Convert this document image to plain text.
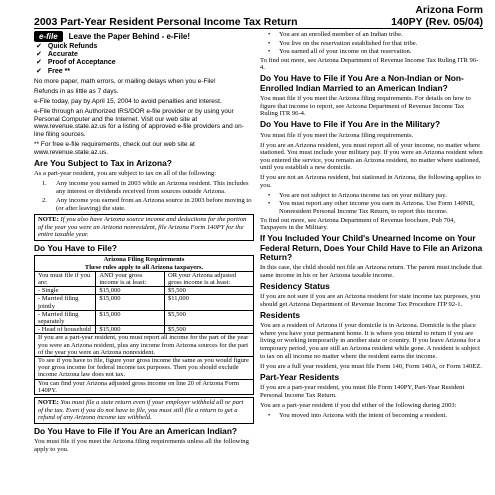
Arizona Form
140PY (Rev. 05/04)
2003 Part-Year Resident Personal Income Tax Return
e-file	Leave the Paper Behind - e-File!
✔ Quick Refunds
✔ Accurate
✔ Proof of Acceptance
✔ Free **

No more paper, math errors, or mailing delays when you e-File!

Refunds in as little as 7 days.

e-File today, pay by April 15, 2004 to avoid penalties and interest.

e-File through an Authorized IRS/DOR e-file provider or by using your Personal Computer and the Internet. Visit our web site at www.revenue.state.az.us for a listing of approved e-file providers and on-line filing sources.

** For free e-file requirements, check out our web site at www.revenue.state.az.us.

Are You Subject to Tax in Arizona?

As a part-year resident, you are subject to tax on all of the following:

1.	Any income you earned in 2003 while an Arizona resident. This includes any interest or dividends received from sources outside Arizona.
2.	Any income you earned from an Arizona source in 2003 before moving to (or after leaving) the state.
NOTE: If you also have Arizona source income and deductions for the portion of the year you were an Arizona nonresident, file Arizona Form 140PY for the entire taxable year.
Do You Have to File?
Arizona Filing Requirements
These rules apply to all Arizona taxpayers.		

You must file if you are:	AND your gross income is at least:	OR your Arizona adjusted gross income is at least:
- Single	$15,000	$5,500
- Married filing jointly	$15,000	$11,000
- Married filing separately	$15,000	$5,500
- Head of household	$15,000	$5,500
If you are a part-year resident, you must report all income for the part of the year you were an Arizona resident, plus any income from Arizona sources for the part of the year you were an Arizona nonresident.		
To see if you have to file, figure your gross income the same as you would figure your gross income for federal income tax purposes. Then you should exclude income Arizona law does not tax.		
You can find your Arizona adjusted gross income on line 20 of Arizona Form 140PY.		
NOTE: You must file a state return even if your employer withheld all or part of the tax. Even if you do not have to file, you must still file a return to get a refund of any Arizona income tax withheld.
Do You Have to File if You Are an American Indian?

You must file if you meet the Arizona filing requirements unless all the following apply to you.

•	You are an enrolled member of an Indian tribe.
•	You live on the reservation established for that tribe.
•	You earned all of your income on that reservation.

To find out more, see Arizona Department of Revenue Income Tax Ruling ITR 96-4.

Do You Have to File if You Are a Non-Indian or Non-Enrolled Indian Married to an American Indian?

You must file if you meet the Arizona filing requirements. For details on how to figure that income to report, see Arizona Department of Revenue Income Tax Ruling ITR 96-4.

Do You Have to File if You Are in the Military?

You must file if you meet the Arizona filing requirements.

If you are an Arizona resident, you must report all of your income, no matter where stationed. You must include your military pay. If you were an Arizona resident when you entered the service, you remain an Arizona resident, no matter where stationed, until you establish a new domicile.

If you are not an Arizona resident, but stationed in Arizona, the following applies to you.

•	You are not subject to Arizona income tax on your military pay.
•	You must report any other income you earn in Arizona. Use Form 140NR, Nonresident Personal Income Tax Return, to report this income.

To find out more, see Arizona Department of Revenue brochure, Pub 704, Taxpayers in the Military.

If You Included Your Child's Unearned Income on Your Federal Return, Does Your Child Have to File an Arizona Return?

In this case, the child should not file an Arizona return. The parent must include that same income in his or her Arizona taxable income.

Residency Status

If you are not sure if you are an Arizona resident for state income tax purposes, you should get Arizona Department of Revenue Income Tax Procedure ITP 92-1.

Residents

You are a resident of Arizona if your domicile is in Arizona. Domicile is the place where you have your permanent home. It is where you intend to return if you are living or working temporarily in another state or country. If you leave Arizona for a temporary period, you are still an Arizona resident while gone. A resident is subject to tax on all income no matter where the resident earns the income.

If you are a full year resident, you must file Form 140, Form 140A, or Form 140EZ.

Part-Year Residents

If you are a part-year resident, you must file Form 140PY, Part-Year Resident Personal Income Tax Return.

You are a part-year resident if you did either of the following during 2003:

•	You moved into Arizona with the intent of becoming a resident.
